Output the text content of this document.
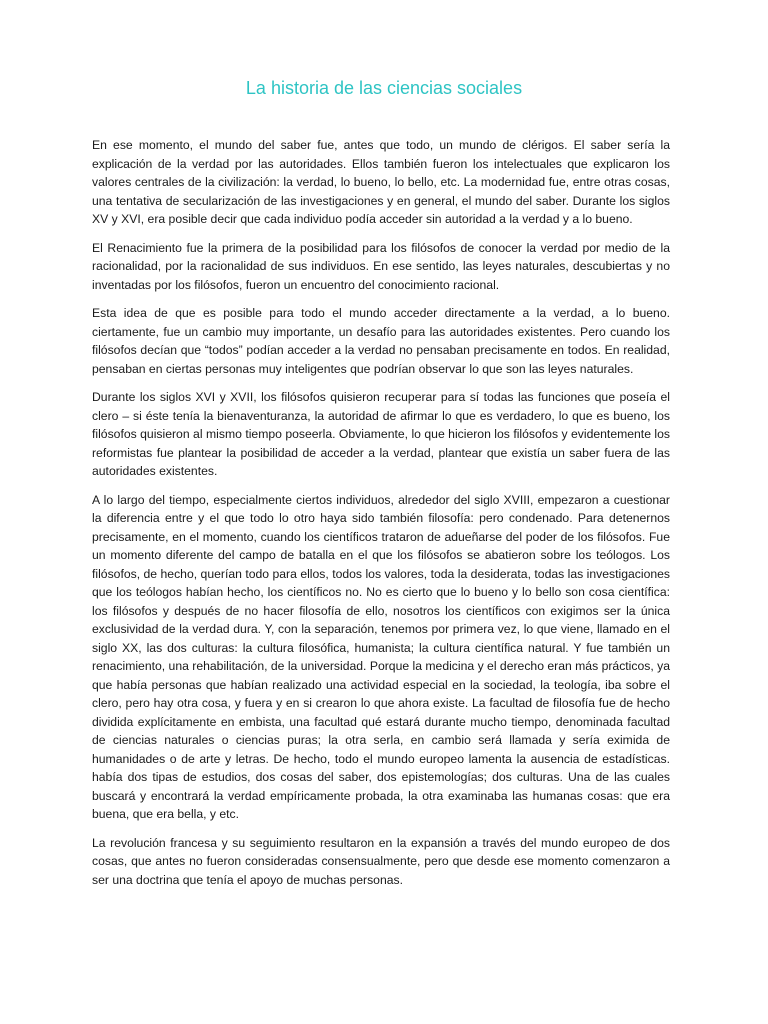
La historia de las ciencias sociales

En ese momento, el mundo del saber fue, antes que todo, un mundo de clérigos. El saber sería la explicación de la verdad por las autoridades. Ellos también fueron los intelectuales que explicaron los valores centrales de la civilización: la verdad, lo bueno, lo bello, etc. La modernidad fue, entre otras cosas, una tentativa de secularización de las investigaciones y en general, el mundo del saber. Durante los siglos XV y XVI, era posible decir que cada individuo podía acceder sin autoridad a la verdad y a lo bueno.

El Renacimiento fue la primera de la posibilidad para los filósofos de conocer la verdad por medio de la racionalidad, por la racionalidad de sus individuos. En ese sentido, las leyes naturales, descubiertas y no inventadas por los filósofos, fueron un encuentro del conocimiento racional.

Esta idea de que es posible para todo el mundo acceder directamente a la verdad, a lo bueno. ciertamente, fue un cambio muy importante, un desafío para las autoridades existentes. Pero cuando los filósofos decían que “todos” podían acceder a la verdad no pensaban precisamente en todos. En realidad, pensaban en ciertas personas muy inteligentes que podrían observar lo que son las leyes naturales.

Durante los siglos XVI y XVII, los filósofos quisieron recuperar para sí todas las funciones que poseía el clero – si éste tenía la bienaventuranza, la autoridad de afirmar lo que es verdadero, lo que es bueno, los filósofos quisieron al mismo tiempo poseerla. Obviamente, lo que hicieron los filósofos y evidentemente los reformistas fue plantear la posibilidad de acceder a la verdad, plantear que existía un saber fuera de las autoridades existentes.

A lo largo del tiempo, especialmente ciertos individuos, alrededor del siglo XVIII, empezaron a cuestionar la diferencia entre y el que todo lo otro haya sido también filosofía: pero condenado. Para detenernos precisamente, en el momento, cuando los científicos trataron de adueñarse del poder de los filósofos. Fue un momento diferente del campo de batalla en el que los filósofos se abatieron sobre los teólogos. Los filósofos, de hecho, querían todo para ellos, todos los valores, toda la desiderata, todas las investigaciones que los teólogos habían hecho, los científicos no. No es cierto que lo bueno y lo bello son cosa científica: los filósofos y después de no hacer filosofía de ello, nosotros los científicos con exigimos ser la única exclusividad de la verdad dura. Y, con la separación, tenemos por primera vez, lo que viene, llamado en el siglo XX, las dos culturas: la cultura filosófica, humanista; la cultura científica natural. Y fue también un renacimiento, una rehabilitación, de la universidad. Porque la medicina y el derecho eran más prácticos, ya que había personas que habían realizado una actividad especial en la sociedad, la teología, iba sobre el clero, pero hay otra cosa, y fuera y en si crearon lo que ahora existe. La facultad de filosofía fue de hecho dividida explícitamente en embista, una facultad qué estará durante mucho tiempo, denominada facultad de ciencias naturales o ciencias puras; la otra serla, en cambio será llamada y sería eximida de humanidades o de arte y letras. De hecho, todo el mundo europeo lamenta la ausencia de estadísticas. había dos tipas de estudios, dos cosas del saber, dos epistemologías; dos culturas. Una de las cuales buscará y encontrará la verdad empíricamente probada, la otra examinaba las humanas cosas: que era buena, que era bella, y etc.

La revolución francesa y su seguimiento resultaron en la expansión a través del mundo europeo de dos cosas, que antes no fueron consideradas consensualmente, pero que desde ese momento comenzaron a ser una doctrina que tenía el apoyo de muchas personas.
